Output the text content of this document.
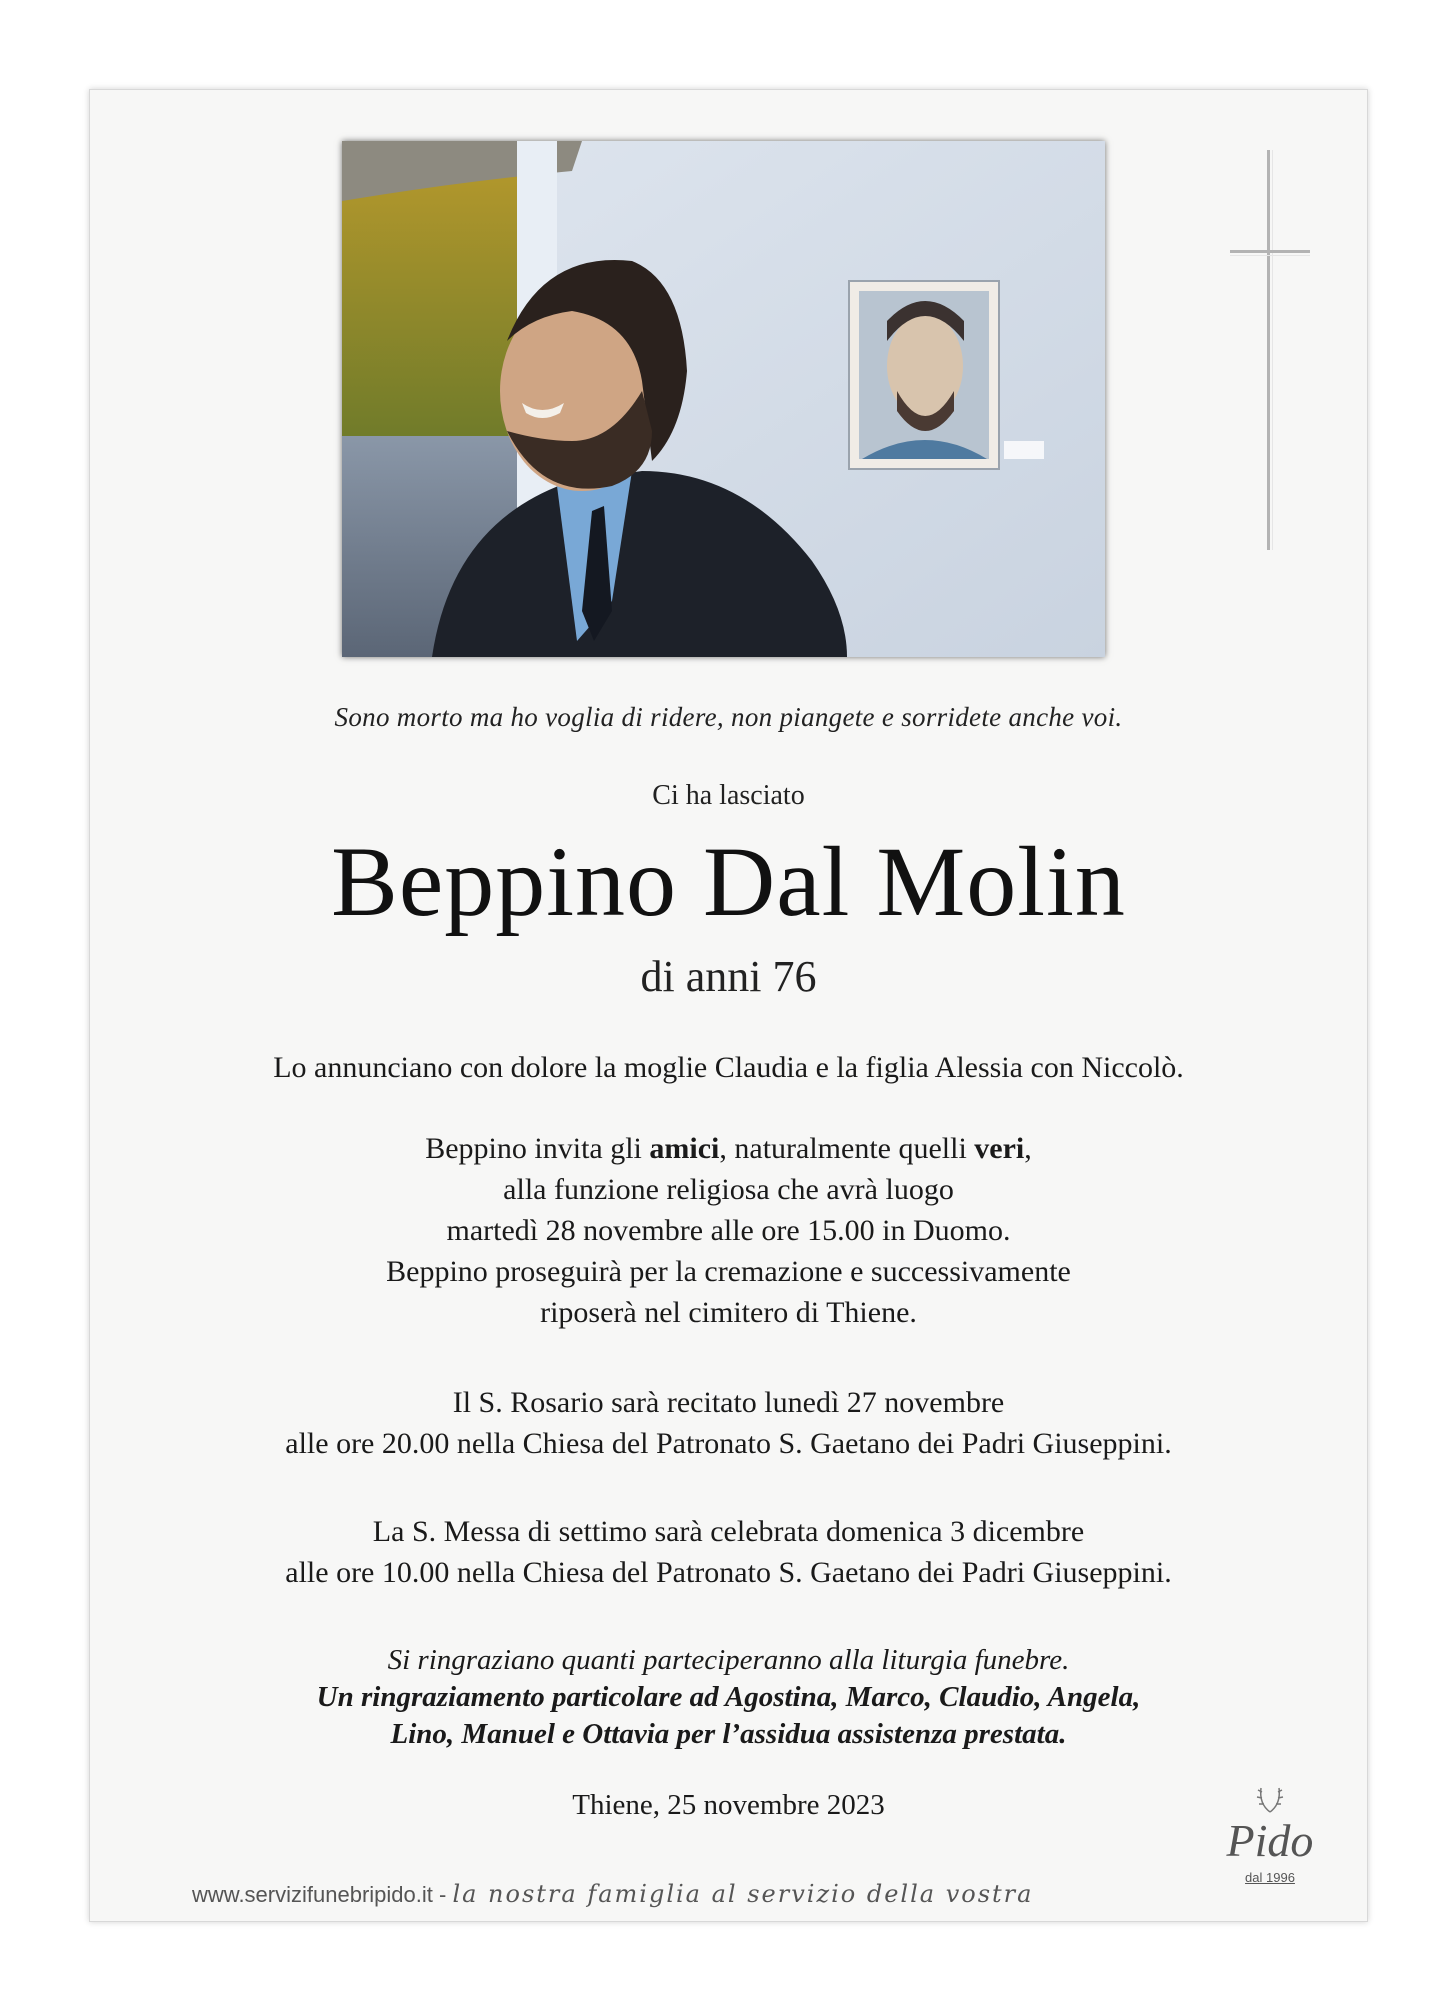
Sono morto ma ho voglia di ridere, non piangete e sorridete anche voi.
Ci ha lasciato
Beppino Dal Molin
di anni 76
Lo annunciano con dolore la moglie Claudia e la figlia Alessia con Niccolò.
Beppino invita gli amici, naturalmente quelli veri,
alla funzione religiosa che avrà luogo
martedì 28 novembre alle ore 15.00 in Duomo.
Beppino proseguirà per la cremazione e successivamente
riposerà nel cimitero di Thiene.
Il S. Rosario sarà recitato lunedì 27 novembre
alle ore 20.00 nella Chiesa del Patronato S. Gaetano dei Padri Giuseppini.
La S. Messa di settimo sarà celebrata domenica 3 dicembre
alle ore 10.00 nella Chiesa del Patronato S. Gaetano dei Padri Giuseppini.
Si ringraziano quanti parteciperanno alla liturgia funebre.
Un ringraziamento particolare ad Agostina, Marco, Claudio, Angela,
Lino, Manuel e Ottavia per l’assidua assistenza prestata.
Thiene, 25 novembre 2023
www.servizifunebripido.it - la nostra famiglia al servizio della vostra
Pido
dal 1996
